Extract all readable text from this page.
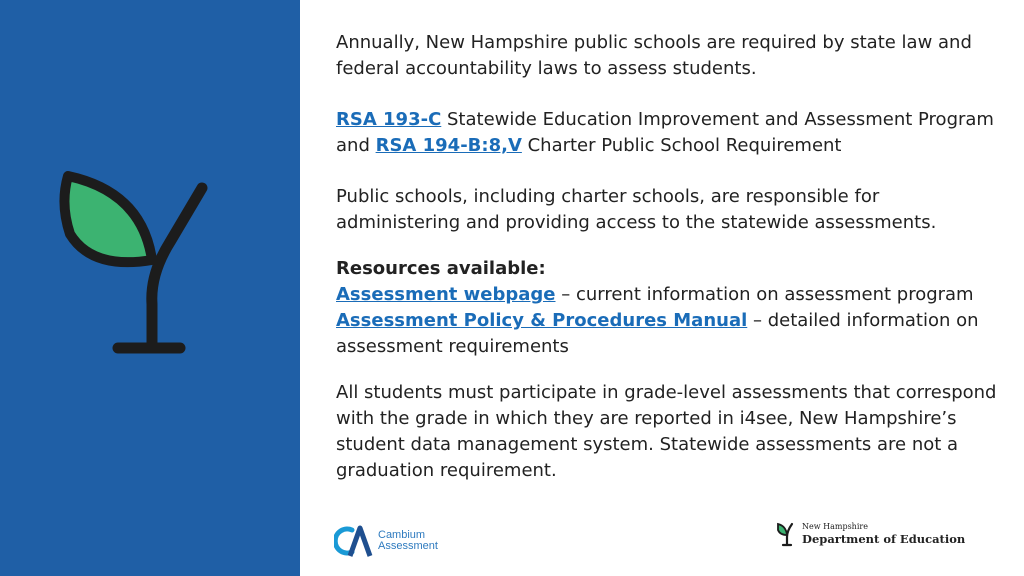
Annually, New Hampshire public schools are required by state law and federal accountability laws to assess students.

RSA 193-C Statewide Education Improvement and Assessment Program and RSA 194-B:8,V Charter Public School Requirement

Public schools, including charter schools, are responsible for administering and providing access to the statewide assessments.

Resources available:
Assessment webpage – current information on assessment program
Assessment Policy & Procedures Manual – detailed information on assessment requirements

All students must participate in grade-level assessments that correspond with the grade in which they are reported in i4see, New Hampshire’s student data management system. Statewide assessments are not a graduation requirement.

Cambium
Assessment
New Hampshire
Department of Education
